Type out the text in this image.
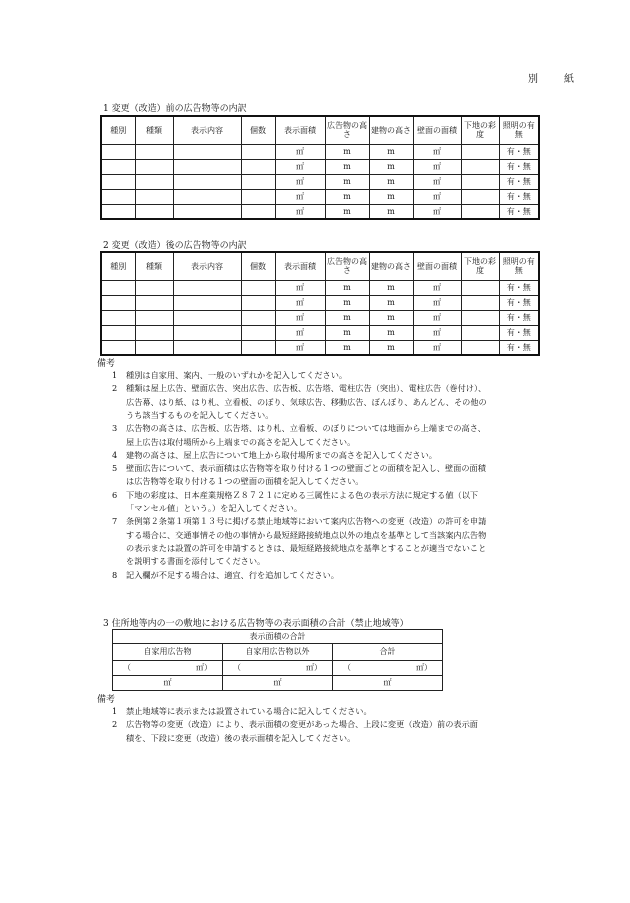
別　紙
1 変更（改造）前の広告物等の内訳
種別	種類	表示内容	個数	表示面積	広告物の高さ	建物の高さ	壁面の面積	下地の彩度	照明の有無
				㎡	m	m	㎡		有・無
				㎡	m	m	㎡		有・無
				㎡	m	m	㎡		有・無
				㎡	m	m	㎡		有・無
				㎡	m	m	㎡		有・無
2 変更（改造）後の広告物等の内訳
種別	種類	表示内容	個数	表示面積	広告物の高さ	建物の高さ	壁面の面積	下地の彩度	照明の有無
				㎡	m	m	㎡		有・無
				㎡	m	m	㎡		有・無
				㎡	m	m	㎡		有・無
				㎡	m	m	㎡		有・無
				㎡	m	m	㎡		有・無
備考
1 種別は自家用、案内、一般のいずれかを記入してください。
2 種類は屋上広告、壁面広告、突出広告、広告板、広告塔、電柱広告（突出）、電柱広告（巻付け）、
広告幕、はり紙、はり札、立看板、のぼり、気球広告、移動広告、ぼんぼり、あんどん、その他の
うち該当するものを記入してください。
3 広告物の高さは、広告板、広告塔、はり札、立看板、のぼりについては地面から上端までの高さ、
屋上広告は取付場所から上端までの高さを記入してください。
4 建物の高さは、屋上広告について地上から取付場所までの高さを記入してください。
5 壁面広告について、表示面積は広告物等を取り付ける１つの壁面ごとの面積を記入し、壁面の面積
は広告物等を取り付ける１つの壁面の面積を記入してください。
6 下地の彩度は、日本産業規格Ｚ８７２１に定める三属性による色の表示方法に規定する値（以下
「マンセル値」という。）を記入してください。
7 条例第２条第１項第１３号に掲げる禁止地域等において案内広告物への変更（改造）の許可を申請
する場合に、交通事情その他の事情から最短経路接続地点以外の地点を基準として当該案内広告物
の表示または設置の許可を申請するときは、最短経路接続地点を基準とすることが適当でないこと
を説明する書面を添付してください。
8 記入欄が不足する場合は、適宜、行を追加してください。
3 住所地等内の一の敷地における広告物等の表示面積の合計（禁止地域等）
表示面積の合計		
自家用広告物	自家用広告物以外	合計

（ ㎡）	（ ㎡）	（ ㎡）

㎡	㎡	㎡
備考
1 禁止地域等に表示または設置されている場合に記入してください。
2 広告物等の変更（改造）により、表示面積の変更があった場合、上段に変更（改造）前の表示面
積を、下段に変更（改造）後の表示面積を記入してください。
